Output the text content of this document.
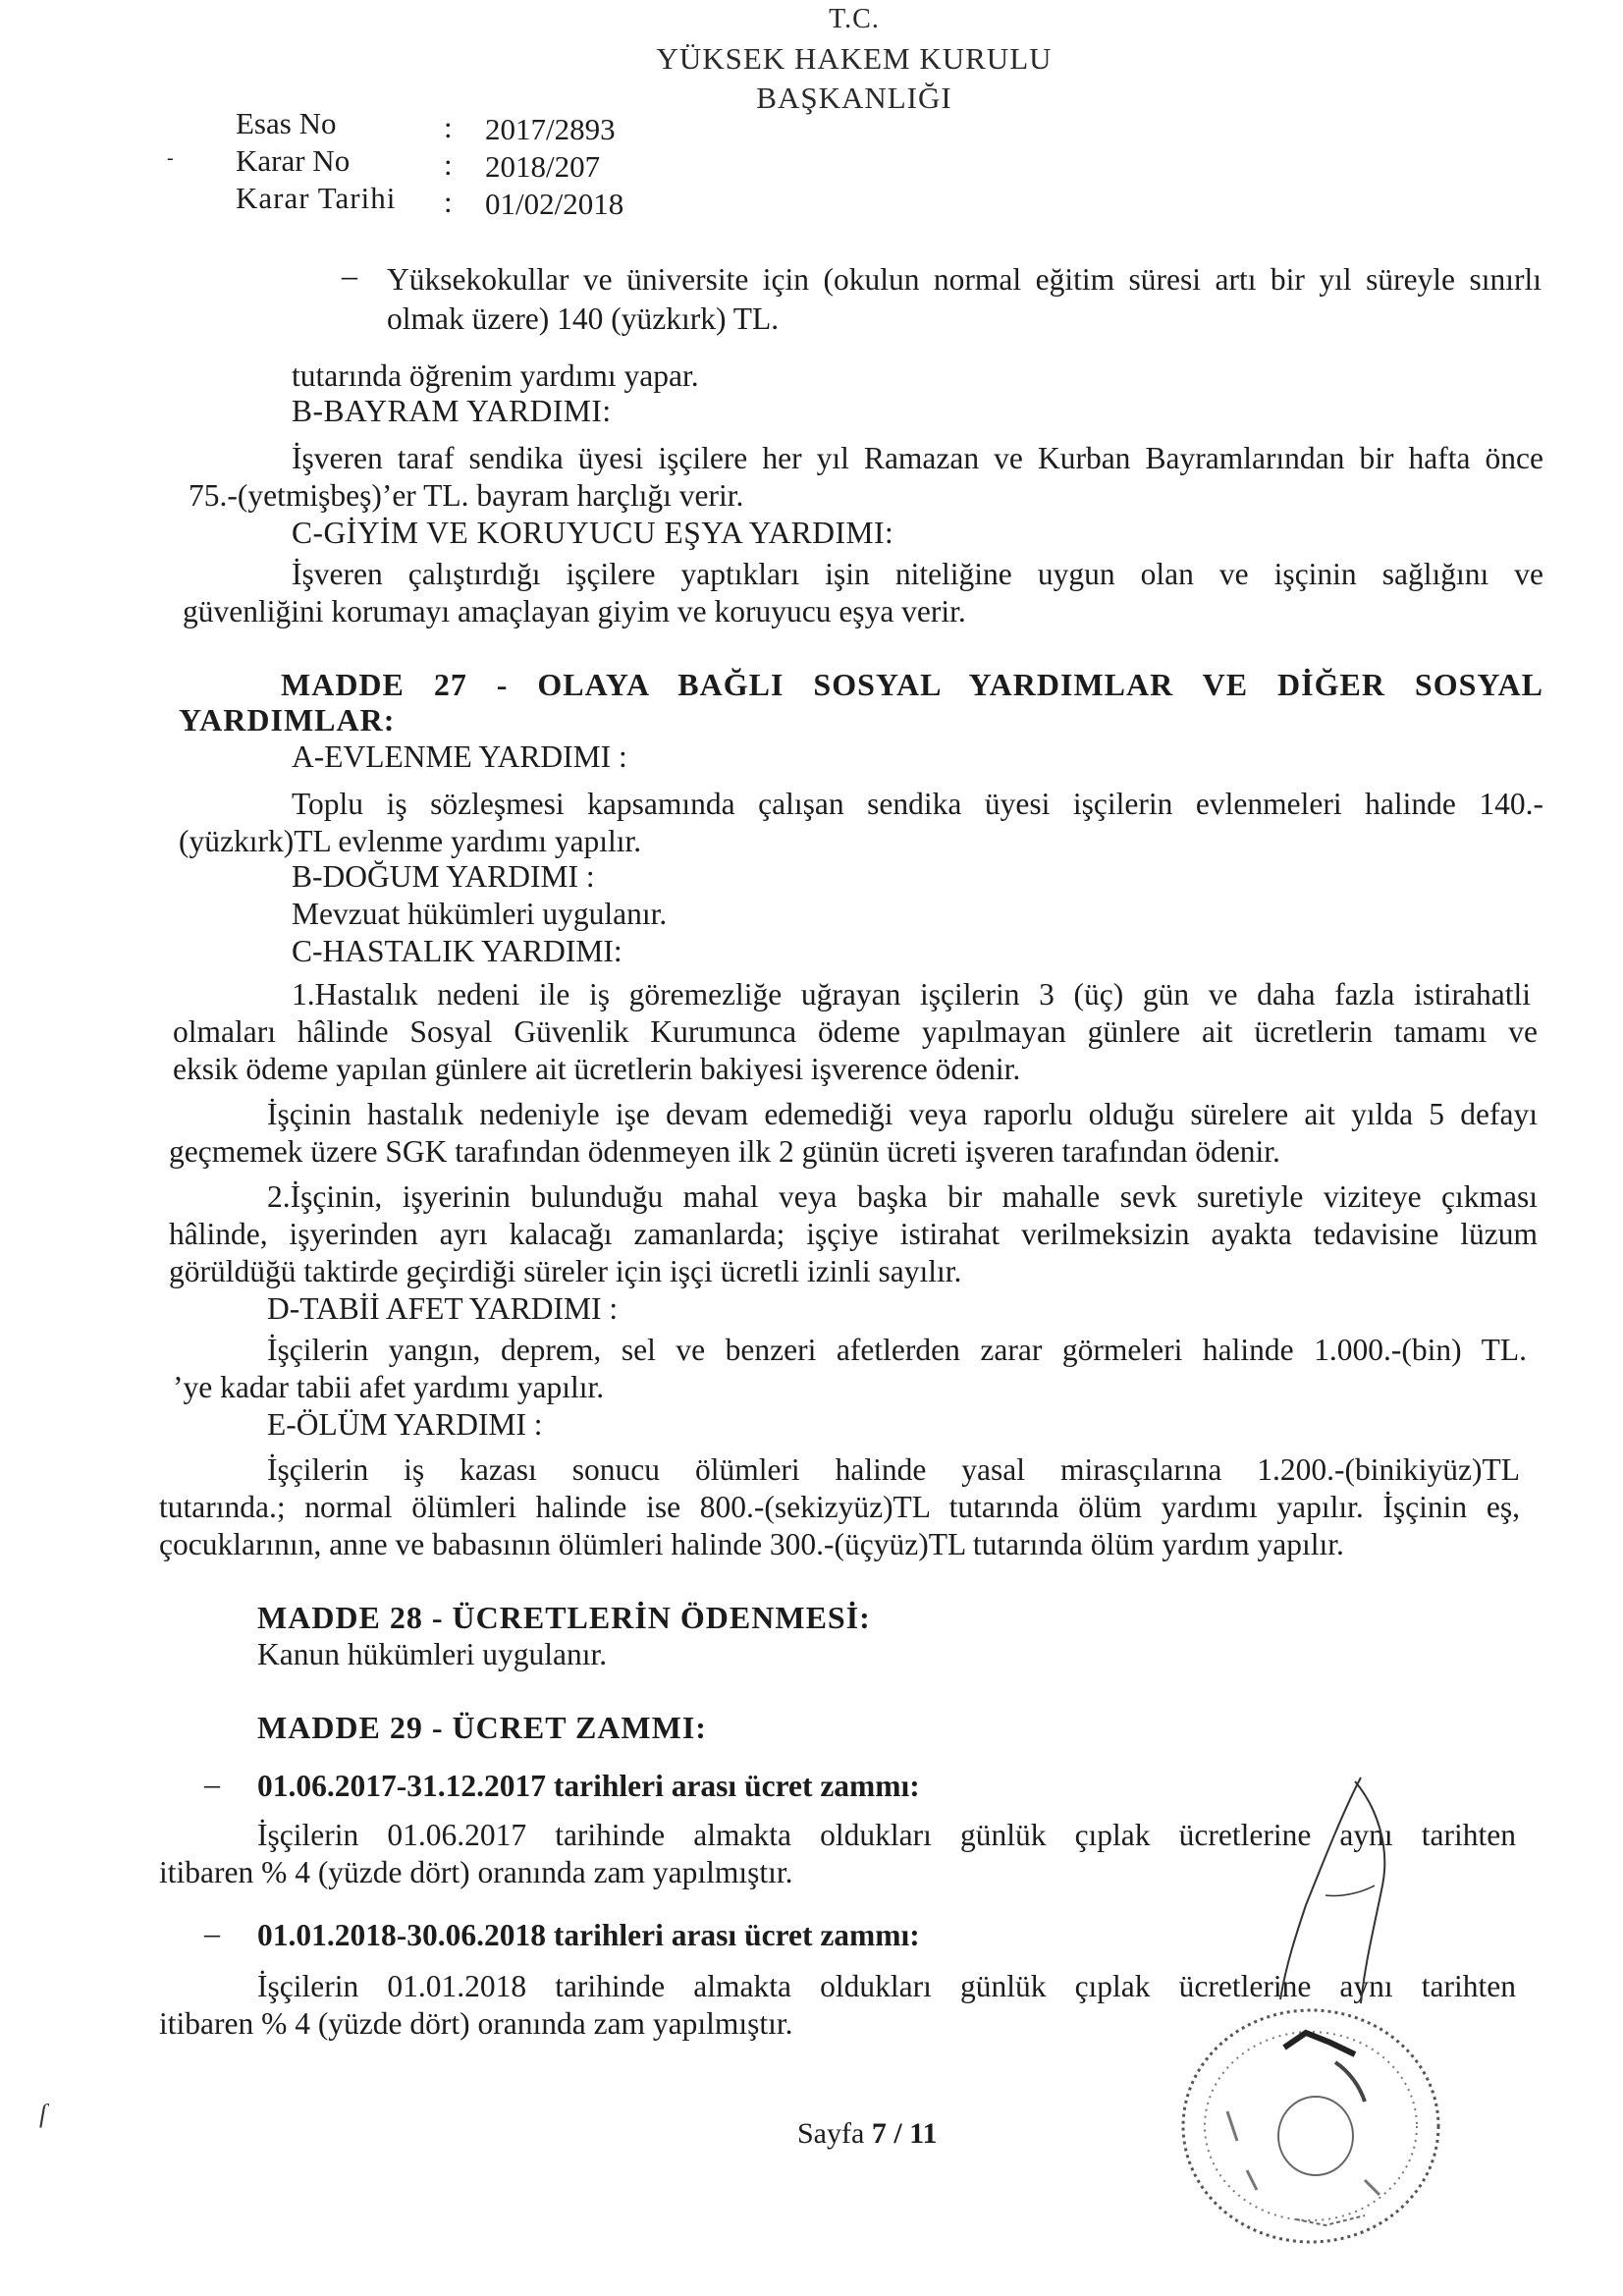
T.C.
YÜKSEK HAKEM KURULU
BAŞKANLIĞI
Esas No	: 2017/2893
Karar No	: 2018/207
Karar Tarihi : 01/02/2018
-
– Yüksekokullar ve üniversite için (okulun normal eğitim süresi artı bir yıl süreyle sınırlı
olmak üzere) 140 (yüzkırk) TL.
tutarında öğrenim yardımı yapar.
B-BAYRAM YARDIMI:
İşveren taraf sendika üyesi işçilere her yıl Ramazan ve Kurban Bayramlarından bir hafta önce
75.-(yetmişbeş)’er TL. bayram harçlığı verir.
C-GİYİM VE KORUYUCU EŞYA YARDIMI:
İşveren çalıştırdığı işçilere yaptıkları işin niteliğine uygun olan ve işçinin sağlığını ve
güvenliğini korumayı amaçlayan giyim ve koruyucu eşya verir.
MADDE 27 - OLAYA BAĞLI SOSYAL YARDIMLAR VE DİĞER SOSYAL
YARDIMLAR:
A-EVLENME YARDIMI :
Toplu iş sözleşmesi kapsamında çalışan sendika üyesi işçilerin evlenmeleri halinde 140.-
(yüzkırk)TL evlenme yardımı yapılır.
B-DOĞUM YARDIMI :
Mevzuat hükümleri uygulanır.
C-HASTALIK YARDIMI:
1.Hastalık nedeni ile iş göremezliğe uğrayan işçilerin 3 (üç) gün ve daha fazla istirahatli
olmaları hâlinde Sosyal Güvenlik Kurumunca ödeme yapılmayan günlere ait ücretlerin tamamı ve
eksik ödeme yapılan günlere ait ücretlerin bakiyesi işverence ödenir.
İşçinin hastalık nedeniyle işe devam edemediği veya raporlu olduğu sürelere ait yılda 5 defayı
geçmemek üzere SGK tarafından ödenmeyen ilk 2 günün ücreti işveren tarafından ödenir.
2.İşçinin, işyerinin bulunduğu mahal veya başka bir mahalle sevk suretiyle viziteye çıkması
hâlinde, işyerinden ayrı kalacağı zamanlarda; işçiye istirahat verilmeksizin ayakta tedavisine lüzum
görüldüğü taktirde geçirdiği süreler için işçi ücretli izinli sayılır.
D-TABİİ AFET YARDIMI :
İşçilerin yangın, deprem, sel ve benzeri afetlerden zarar görmeleri halinde 1.000.-(bin) TL.
’ye kadar tabii afet yardımı yapılır.
E-ÖLÜM YARDIMI :
İşçilerin iş kazası sonucu ölümleri halinde yasal mirasçılarına 1.200.-(binikiyüz)TL
tutarında.; normal ölümleri halinde ise 800.-(sekizyüz)TL tutarında ölüm yardımı yapılır. İşçinin eş,
çocuklarının, anne ve babasının ölümleri halinde 300.-(üçyüz)TL tutarında ölüm yardım yapılır.
MADDE 28 - ÜCRETLERİN ÖDENMESİ:
Kanun hükümleri uygulanır.
MADDE 29 - ÜCRET ZAMMI:
– 01.06.2017-31.12.2017 tarihleri arası ücret zammı:
İşçilerin 01.06.2017 tarihinde almakta oldukları günlük çıplak ücretlerine aynı tarihten
itibaren % 4 (yüzde dört) oranında zam yapılmıştır.
– 01.01.2018-30.06.2018 tarihleri arası ücret zammı:
İşçilerin 01.01.2018 tarihinde almakta oldukları günlük çıplak ücretlerine aynı tarihten
itibaren % 4 (yüzde dört) oranında zam yapılmıştır.
ſ
Sayfa 7 / 11
